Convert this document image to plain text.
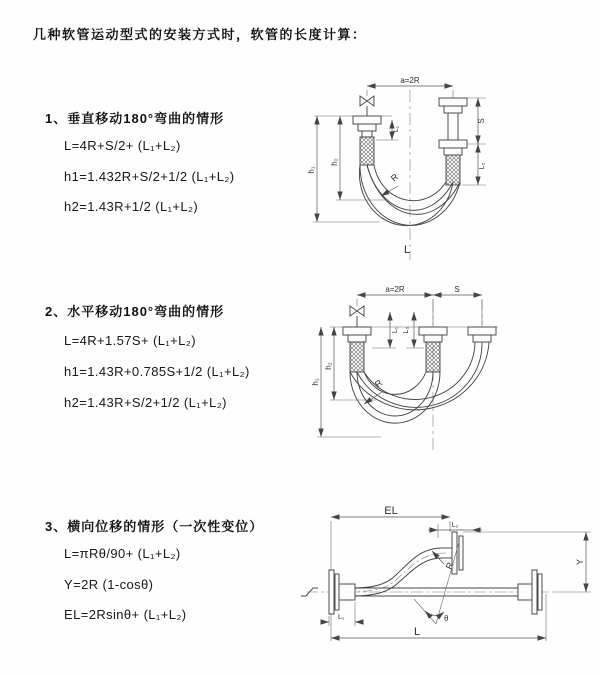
几种软管运动型式的安装方式时，软管的长度计算：
1、垂直移动180°弯曲的情形
L=4R+S/2+ (L₁+L₂)
h1=1.432R+S/2+1/2 (L₁+L₂)
h2=1.43R+1/2 (L₁+L₂)
2、水平移动180°弯曲的情形
L=4R+1.57S+ (L₁+L₂)
h1=1.43R+0.785S+1/2 (L₁+L₂)
h2=1.43R+S/2+1/2 (L₁+L₂)
3、横向位移的情形（一次性变位）
L=πRθ/90+ (L₁+L₂)
Y=2R (1-cosθ)
EL=2Rsinθ+ (L₁+L₂)
a=2R
S
L₂
L₁
h₁
h₂
R
L
a=2R	S
L₁ L₂
h₁
h₂
R
EL
L₂
R
θ
Y
L₁
L
